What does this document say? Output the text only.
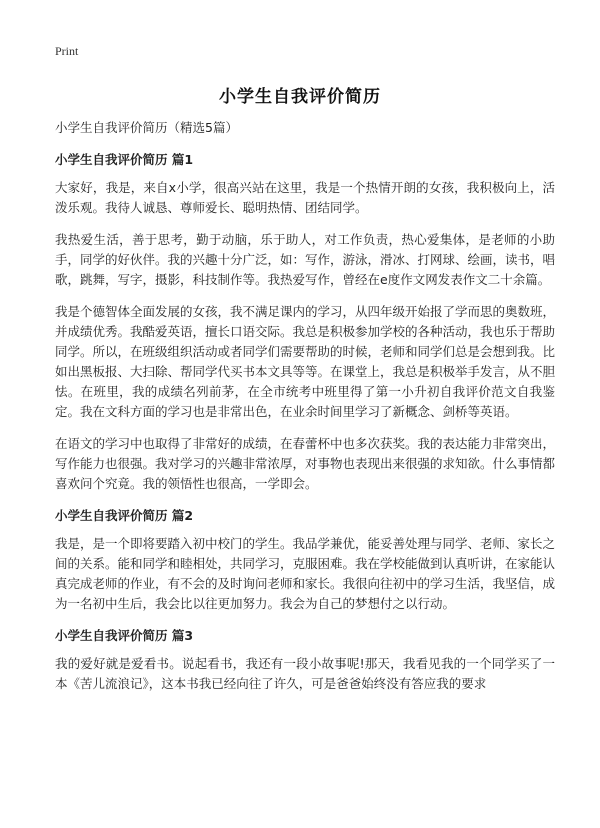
Print
小学生自我评价简历

小学生自我评价简历（精选5篇）

小学生自我评价简历 篇1

大家好，我是，来自x小学，很高兴站在这里，我是一个热情开朗的女孩，我积极向上，活泼乐观。我待人诚恳、尊师爱长、聪明热情、团结同学。

我热爱生活，善于思考，勤于动脑，乐于助人，对工作负责，热心爱集体，是老师的小助手，同学的好伙伴。我的兴趣十分广泛，如：写作，游泳，滑冰、打网球、绘画，读书，唱歌，跳舞，写字，摄影，科技制作等。我热爱写作，曾经在e度作文网发表作文二十余篇。

我是个德智体全面发展的女孩，我不满足课内的学习，从四年级开始报了学而思的奥数班，并成绩优秀。我酷爱英语，擅长口语交际。我总是积极参加学校的各种活动，我也乐于帮助同学。所以，在班级组织活动或者同学们需要帮助的时候，老师和同学们总是会想到我。比如出黑板报、大扫除、帮同学代买书本文具等等。在课堂上，我总是积极举手发言，从不胆怯。在班里，我的成绩名列前茅，在全市统考中班里得了第一小升初自我评价范文自我鉴定。我在文科方面的学习也是非常出色，在业余时间里学习了新概念、剑桥等英语。

在语文的学习中也取得了非常好的成绩，在春蕾杯中也多次获奖。我的表达能力非常突出，写作能力也很强。我对学习的兴趣非常浓厚，对事物也表现出来很强的求知欲。什么事情都喜欢问个究竟。我的领悟性也很高，一学即会。

小学生自我评价简历 篇2

我是，是一个即将要踏入初中校门的学生。我品学兼优，能妥善处理与同学、老师、家长之间的关系。能和同学和睦相处，共同学习，克服困难。我在学校能做到认真听讲，在家能认真完成老师的作业，有不会的及时询问老师和家长。我很向往初中的学习生活，我坚信，成为一名初中生后，我会比以往更加努力。我会为自己的梦想付之以行动。

小学生自我评价简历 篇3

我的爱好就是爱看书。说起看书，我还有一段小故事呢!那天，我看见我的一个同学买了一本《苦儿流浪记》，这本书我已经向往了许久，可是爸爸始终没有答应我的要求
